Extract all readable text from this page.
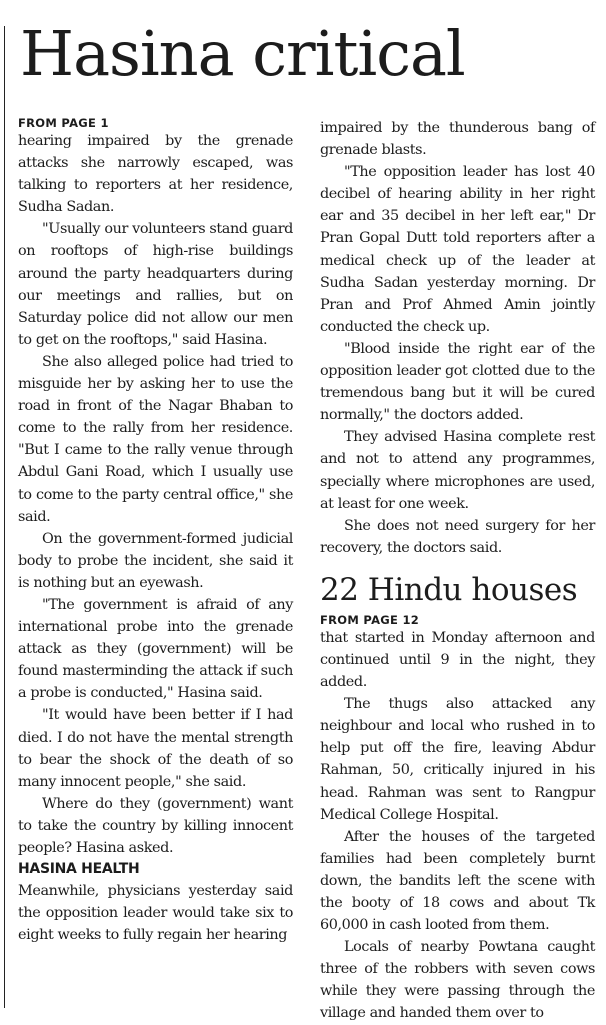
Hasina critical
FROM PAGE 1

hearing impaired by the grenade attacks she narrowly escaped, was talking to reporters at her residence, Sudha Sadan.

"Usually our volunteers stand guard on rooftops of high-rise buildings around the party headquarters during our meetings and rallies, but on Saturday police did not allow our men to get on the rooftops," said Hasina.

She also alleged police had tried to misguide her by asking her to use the road in front of the Nagar Bhaban to come to the rally from her residence. "But I came to the rally venue through Abdul Gani Road, which I usually use to come to the party central office," she said.

On the government-formed judicial body to probe the incident, she said it is nothing but an eyewash.

"The government is afraid of any international probe into the grenade attack as they (government) will be found masterminding the attack if such a probe is conducted," Hasina said.

"It would have been better if I had died. I do not have the mental strength to bear the shock of the death of so many innocent people," she said.

Where do they (government) want to take the country by killing innocent people? Hasina asked.

HASINA HEALTH

Meanwhile, physicians yesterday said the opposition leader would take six to eight weeks to fully regain her hearing

impaired by the thunderous bang of grenade blasts.

"The opposition leader has lost 40 decibel of hearing ability in her right ear and 35 decibel in her left ear," Dr Pran Gopal Dutt told reporters after a medical check up of the leader at Sudha Sadan yesterday morning. Dr Pran and Prof Ahmed Amin jointly conducted the check up.

"Blood inside the right ear of the opposition leader got clotted due to the tremendous bang but it will be cured normally," the doctors added.

They advised Hasina complete rest and not to attend any programmes, specially where microphones are used, at least for one week.

She does not need surgery for her recovery, the doctors said.

22 Hindu houses
FROM PAGE 12

that started in Monday afternoon and continued until 9 in the night, they added.

The thugs also attacked any neighbour and local who rushed in to help put off the fire, leaving Abdur Rahman, 50, critically injured in his head. Rahman was sent to Rangpur Medical College Hospital.

After the houses of the targeted families had been completely burnt down, the bandits left the scene with the booty of 18 cows and about Tk 60,000 in cash looted from them.

Locals of nearby Powtana caught three of the robbers with seven cows while they were passing through the village and handed them over to
